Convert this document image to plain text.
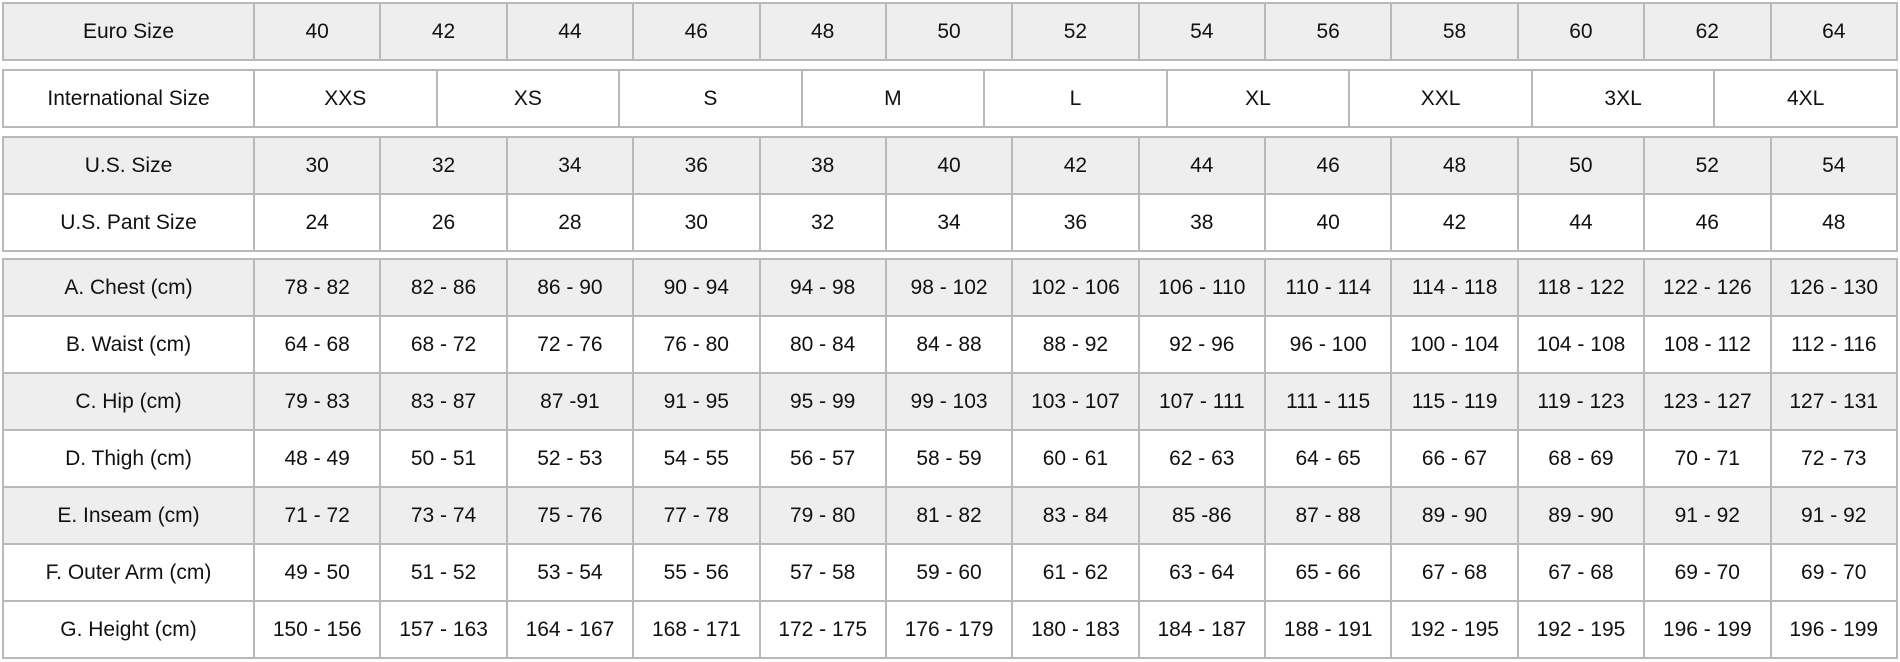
Euro Size	40	42	44	46	48	50	52	54	56	58	60	62	64
International Size	XXS	XS	S	M	L	XL	XXL	3XL	4XL
U.S. Size	30	32	34	36	38	40	42	44	46	48	50	52	54
U.S. Pant Size	24	26	28	30	32	34	36	38	40	42	44	46	48
A. Chest (cm)	78 - 82	82 - 86	86 - 90	90 - 94	94 - 98	98 - 102	102 - 106	106 - 110	110 - 114	114 - 118	118 - 122	122 - 126	126 - 130
B. Waist (cm)	64 - 68	68 - 72	72 - 76	76 - 80	80 - 84	84 - 88	88 - 92	92 - 96	96 - 100	100 - 104	104 - 108	108 - 112	112 - 116
C. Hip (cm)	79 - 83	83 - 87	87 -91	91 - 95	95 - 99	99 - 103	103 - 107	107 - 111	111 - 115	115 - 119	119 - 123	123 - 127	127 - 131
D. Thigh (cm)	48 - 49	50 - 51	52 - 53	54 - 55	56 - 57	58 - 59	60 - 61	62 - 63	64 - 65	66 - 67	68 - 69	70 - 71	72 - 73
E. Inseam (cm)	71 - 72	73 - 74	75 - 76	77 - 78	79 - 80	81 - 82	83 - 84	85 -86	87 - 88	89 - 90	89 - 90	91 - 92	91 - 92
F. Outer Arm (cm)	49 - 50	51 - 52	53 - 54	55 - 56	57 - 58	59 - 60	61 - 62	63 - 64	65 - 66	67 - 68	67 - 68	69 - 70	69 - 70
G. Height (cm)	150 - 156	157 - 163	164 - 167	168 - 171	172 - 175	176 - 179	180 - 183	184 - 187	188 - 191	192 - 195	192 - 195	196 - 199	196 - 199
